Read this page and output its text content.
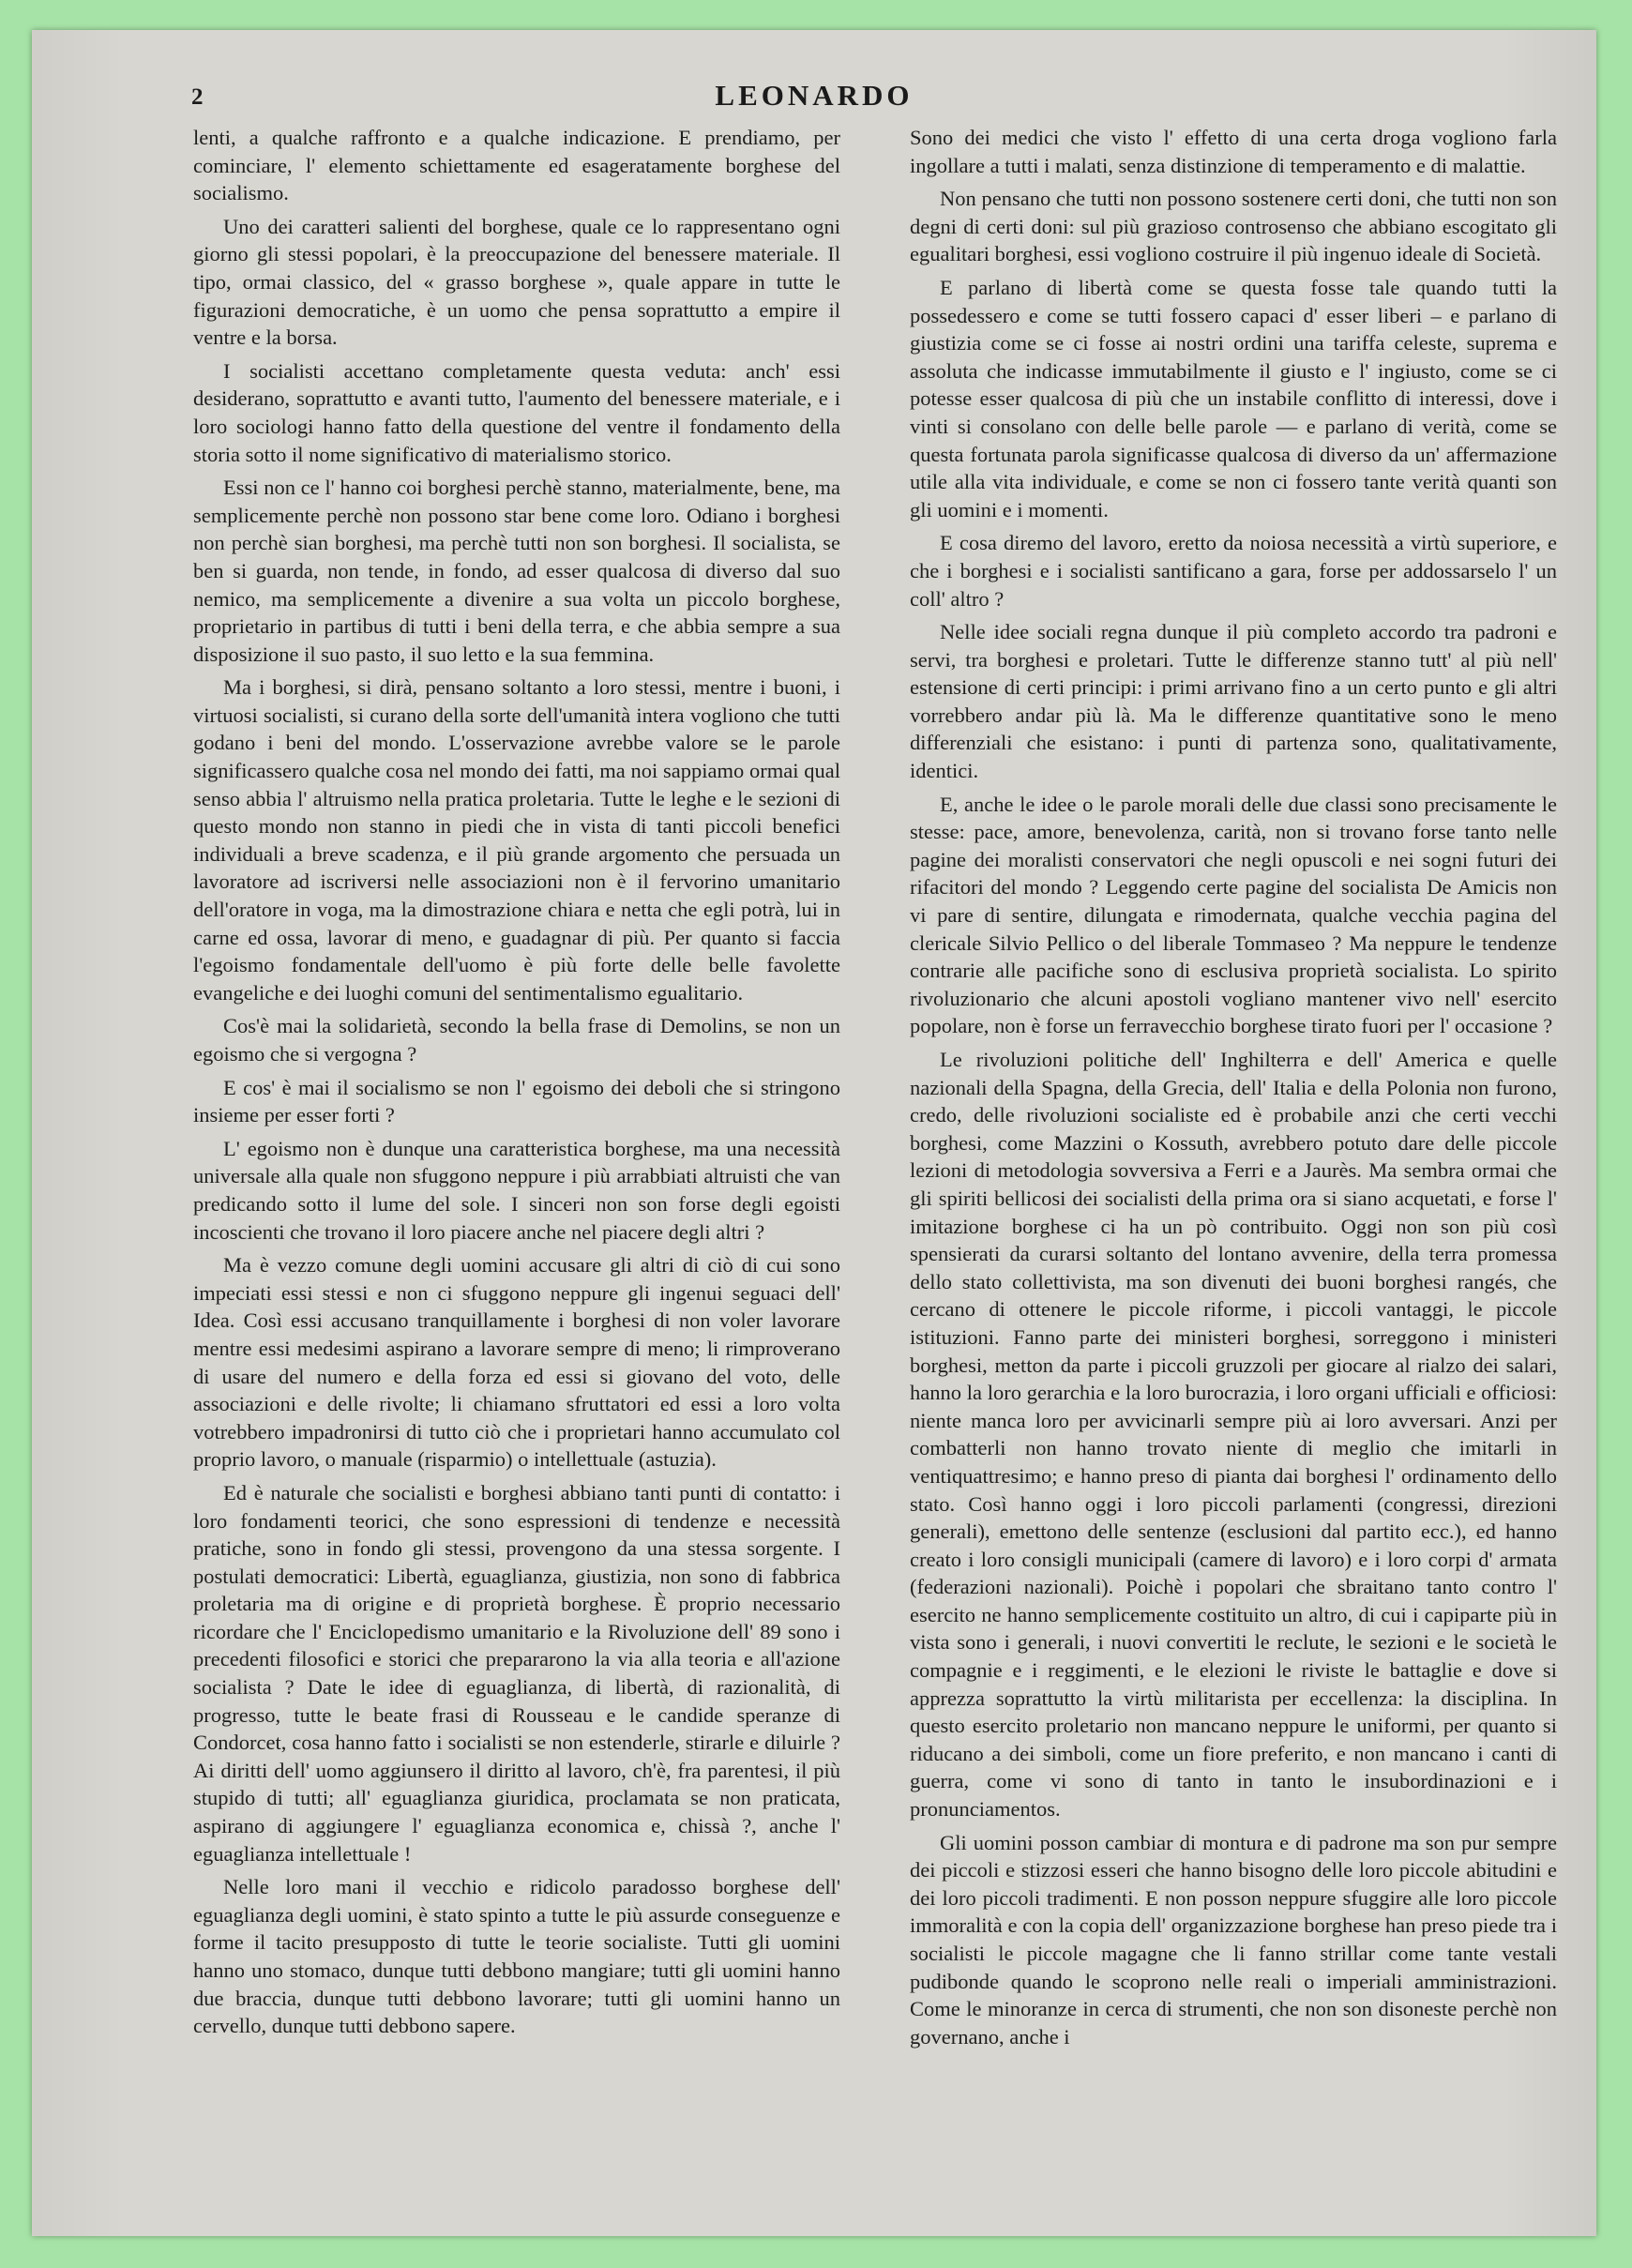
2	LEONARDO

lenti, a qualche raffronto e a qualche indicazione. E prendiamo, per cominciare, l' elemento schiettamente ed esageratamente borghese del socialismo.

Uno dei caratteri salienti del borghese, quale ce lo rappresentano ogni giorno gli stessi popolari, è la preoccupazione del benessere materiale. Il tipo, ormai classico, del « grasso borghese », quale appare in tutte le figurazioni democratiche, è un uomo che pensa soprattutto a empire il ventre e la borsa.

I socialisti accettano completamente questa veduta: anch' essi desiderano, soprattutto e avanti tutto, l'aumento del benessere materiale, e i loro sociologi hanno fatto della questione del ventre il fondamento della storia sotto il nome significativo di materialismo storico.

Essi non ce l' hanno coi borghesi perchè stanno, materialmente, bene, ma semplicemente perchè non possono star bene come loro. Odiano i borghesi non perchè sian borghesi, ma perchè tutti non son borghesi. Il socialista, se ben si guarda, non tende, in fondo, ad esser qualcosa di diverso dal suo nemico, ma semplicemente a divenire a sua volta un piccolo borghese, proprietario in partibus di tutti i beni della terra, e che abbia sempre a sua disposizione il suo pasto, il suo letto e la sua femmina.

Ma i borghesi, si dirà, pensano soltanto a loro stessi, mentre i buoni, i virtuosi socialisti, si curano della sorte dell'umanità intera vogliono che tutti godano i beni del mondo. L'osservazione avrebbe valore se le parole significassero qualche cosa nel mondo dei fatti, ma noi sappiamo ormai qual senso abbia l' altruismo nella pratica proletaria. Tutte le leghe e le sezioni di questo mondo non stanno in piedi che in vista di tanti piccoli benefici individuali a breve scadenza, e il più grande argomento che persuada un lavoratore ad iscriversi nelle associazioni non è il fervorino umanitario dell'oratore in voga, ma la dimostrazione chiara e netta che egli potrà, lui in carne ed ossa, lavorar di meno, e guadagnar di più. Per quanto si faccia l'egoismo fondamentale dell'uomo è più forte delle belle favolette evangeliche e dei luoghi comuni del sentimentalismo egualitario.

Cos'è mai la solidarietà, secondo la bella frase di Demolins, se non un egoismo che si vergogna ?

E cos' è mai il socialismo se non l' egoismo dei deboli che si stringono insieme per esser forti ?

L' egoismo non è dunque una caratteristica borghese, ma una necessità universale alla quale non sfuggono neppure i più arrabbiati altruisti che van predicando sotto il lume del sole. I sinceri non son forse degli egoisti incoscienti che trovano il loro piacere anche nel piacere degli altri ?

Ma è vezzo comune degli uomini accusare gli altri di ciò di cui sono impeciati essi stessi e non ci sfuggono neppure gli ingenui seguaci dell' Idea. Così essi accusano tranquillamente i borghesi di non voler lavorare mentre essi medesimi aspirano a lavorare sempre di meno; li rimproverano di usare del numero e della forza ed essi si giovano del voto, delle associazioni e delle rivolte; li chiamano sfruttatori ed essi a loro volta votrebbero impadronirsi di tutto ciò che i proprietari hanno accumulato col proprio lavoro, o manuale (risparmio) o intellettuale (astuzia).

Ed è naturale che socialisti e borghesi abbiano tanti punti di contatto: i loro fondamenti teorici, che sono espressioni di tendenze e necessità pratiche, sono in fondo gli stessi, provengono da una stessa sorgente. I postulati democratici: Libertà, eguaglianza, giustizia, non sono di fabbrica proletaria ma di origine e di proprietà borghese. È proprio necessario ricordare che l' Enciclopedismo umanitario e la Rivoluzione dell' 89 sono i precedenti filosofici e storici che prepararono la via alla teoria e all'azione socialista ? Date le idee di eguaglianza, di libertà, di razionalità, di progresso, tutte le beate frasi di Rousseau e le candide speranze di Condorcet, cosa hanno fatto i socialisti se non estenderle, stirarle e diluirle ? Ai diritti dell' uomo aggiunsero il diritto al lavoro, ch'è, fra parentesi, il più stupido di tutti; all' eguaglianza giuridica, proclamata se non praticata, aspirano di aggiungere l' eguaglianza economica e, chissà ?, anche l' eguaglianza intellettuale !

Nelle loro mani il vecchio e ridicolo paradosso borghese dell' eguaglianza degli uomini, è stato spinto a tutte le più assurde conseguenze e forme il tacito presupposto di tutte le teorie socialiste. Tutti gli uomini hanno uno stomaco, dunque tutti debbono mangiare; tutti gli uomini hanno due braccia, dunque tutti debbono lavorare; tutti gli uomini hanno un cervello, dunque tutti debbono sapere.

Sono dei medici che visto l' effetto di una certa droga vogliono farla ingollare a tutti i malati, senza distinzione di temperamento e di malattie.

Non pensano che tutti non possono sostenere certi doni, che tutti non son degni di certi doni: sul più grazioso controsenso che abbiano escogitato gli egualitari borghesi, essi vogliono costruire il più ingenuo ideale di Società.

E parlano di libertà come se questa fosse tale quando tutti la possedessero e come se tutti fossero capaci d' esser liberi – e parlano di giustizia come se ci fosse ai nostri ordini una tariffa celeste, suprema e assoluta che indicasse immutabilmente il giusto e l' ingiusto, come se ci potesse esser qualcosa di più che un instabile conflitto di interessi, dove i vinti si consolano con delle belle parole — e parlano di verità, come se questa fortunata parola significasse qualcosa di diverso da un' affermazione utile alla vita individuale, e come se non ci fossero tante verità quanti son gli uomini e i momenti.

E cosa diremo del lavoro, eretto da noiosa necessità a virtù superiore, e che i borghesi e i socialisti santificano a gara, forse per addossarselo l' un coll' altro ?

Nelle idee sociali regna dunque il più completo accordo tra padroni e servi, tra borghesi e proletari. Tutte le differenze stanno tutt' al più nell' estensione di certi principi: i primi arrivano fino a un certo punto e gli altri vorrebbero andar più là. Ma le differenze quantitative sono le meno differenziali che esistano: i punti di partenza sono, qualitativamente, identici.

E, anche le idee o le parole morali delle due classi sono precisamente le stesse: pace, amore, benevolenza, carità, non si trovano forse tanto nelle pagine dei moralisti conservatori che negli opuscoli e nei sogni futuri dei rifacitori del mondo ? Leggendo certe pagine del socialista De Amicis non vi pare di sentire, dilungata e rimodernata, qualche vecchia pagina del clericale Silvio Pellico o del liberale Tommaseo ? Ma neppure le tendenze contrarie alle pacifiche sono di esclusiva proprietà socialista. Lo spirito rivoluzionario che alcuni apostoli vogliano mantener vivo nell' esercito popolare, non è forse un ferravecchio borghese tirato fuori per l' occasione ?

Le rivoluzioni politiche dell' Inghilterra e dell' America e quelle nazionali della Spagna, della Grecia, dell' Italia e della Polonia non furono, credo, delle rivoluzioni socialiste ed è probabile anzi che certi vecchi borghesi, come Mazzini o Kossuth, avrebbero potuto dare delle piccole lezioni di metodologia sovversiva a Ferri e a Jaurès. Ma sembra ormai che gli spiriti bellicosi dei socialisti della prima ora si siano acquetati, e forse l' imitazione borghese ci ha un pò contribuito. Oggi non son più così spensierati da curarsi soltanto del lontano avvenire, della terra promessa dello stato collettivista, ma son divenuti dei buoni borghesi rangés, che cercano di ottenere le piccole riforme, i piccoli vantaggi, le piccole istituzioni. Fanno parte dei ministeri borghesi, sorreggono i ministeri borghesi, metton da parte i piccoli gruzzoli per giocare al rialzo dei salari, hanno la loro gerarchia e la loro burocrazia, i loro organi ufficiali e officiosi: niente manca loro per avvicinarli sempre più ai loro avversari. Anzi per combatterli non hanno trovato niente di meglio che imitarli in ventiquattresimo; e hanno preso di pianta dai borghesi l' ordinamento dello stato. Così hanno oggi i loro piccoli parlamenti (congressi, direzioni generali), emettono delle sentenze (esclusioni dal partito ecc.), ed hanno creato i loro consigli municipali (camere di lavoro) e i loro corpi d' armata (federazioni nazionali). Poichè i popolari che sbraitano tanto contro l' esercito ne hanno semplicemente costituito un altro, di cui i capiparte più in vista sono i generali, i nuovi convertiti le reclute, le sezioni e le società le compagnie e i reggimenti, e le elezioni le riviste le battaglie e dove si apprezza soprattutto la virtù militarista per eccellenza: la disciplina. In questo esercito proletario non mancano neppure le uniformi, per quanto si riducano a dei simboli, come un fiore preferito, e non mancano i canti di guerra, come vi sono di tanto in tanto le insubordinazioni e i pronunciamentos.

Gli uomini posson cambiar di montura e di padrone ma son pur sempre dei piccoli e stizzosi esseri che hanno bisogno delle loro piccole abitudini e dei loro piccoli tradimenti. E non posson neppure sfuggire alle loro piccole immoralità e con la copia dell' organizzazione borghese han preso piede tra i socialisti le piccole magagne che li fanno strillar come tante vestali pudibonde quando le scoprono nelle reali o imperiali amministrazioni. Come le minoranze in cerca di strumenti, che non son disoneste perchè non governano, anche i
